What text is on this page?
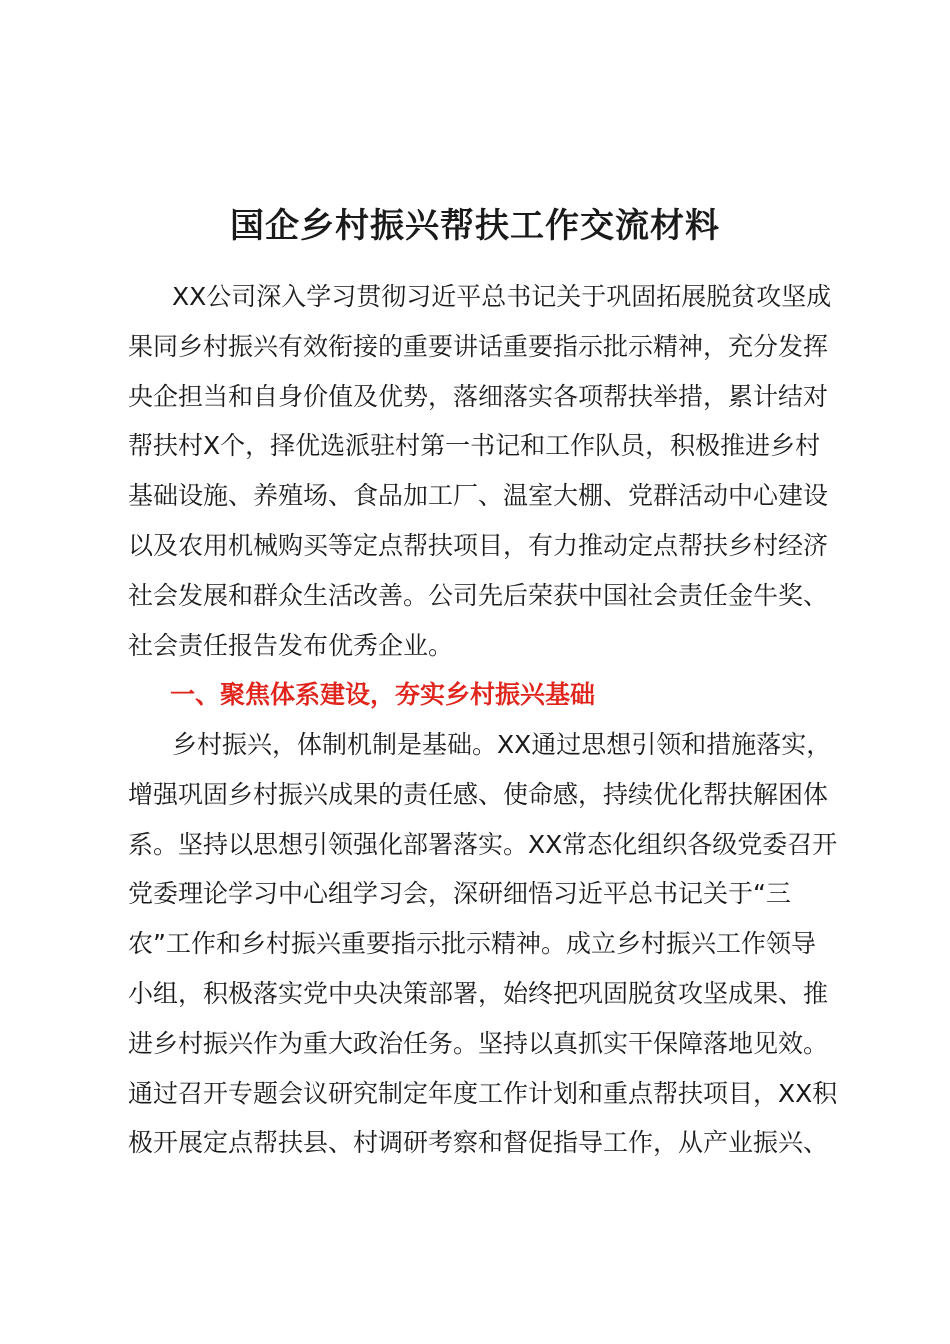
国企乡村振兴帮扶工作交流材料
XX公司深入学习贯彻习近平总书记关于巩固拓展脱贫攻坚成
果同乡村振兴有效衔接的重要讲话重要指示批示精神，充分发挥
央企担当和自身价值及优势，落细落实各项帮扶举措，累计结对
帮扶村X个，择优选派驻村第一书记和工作队员，积极推进乡村
基础设施、养殖场、食品加工厂、温室大棚、党群活动中心建设
以及农用机械购买等定点帮扶项目，有力推动定点帮扶乡村经济
社会发展和群众生活改善。公司先后荣获中国社会责任金牛奖、
社会责任报告发布优秀企业。
一、聚焦体系建设，夯实乡村振兴基础
乡村振兴，体制机制是基础。XX通过思想引领和措施落实，
增强巩固乡村振兴成果的责任感、使命感，持续优化帮扶解困体
系。坚持以思想引领强化部署落实。XX常态化组织各级党委召开
党委理论学习中心组学习会，深研细悟习近平总书记关于“三
农”工作和乡村振兴重要指示批示精神。成立乡村振兴工作领导
小组，积极落实党中央决策部署，始终把巩固脱贫攻坚成果、推
进乡村振兴作为重大政治任务。坚持以真抓实干保障落地见效。
通过召开专题会议研究制定年度工作计划和重点帮扶项目，XX积
极开展定点帮扶县、村调研考察和督促指导工作，从产业振兴、
